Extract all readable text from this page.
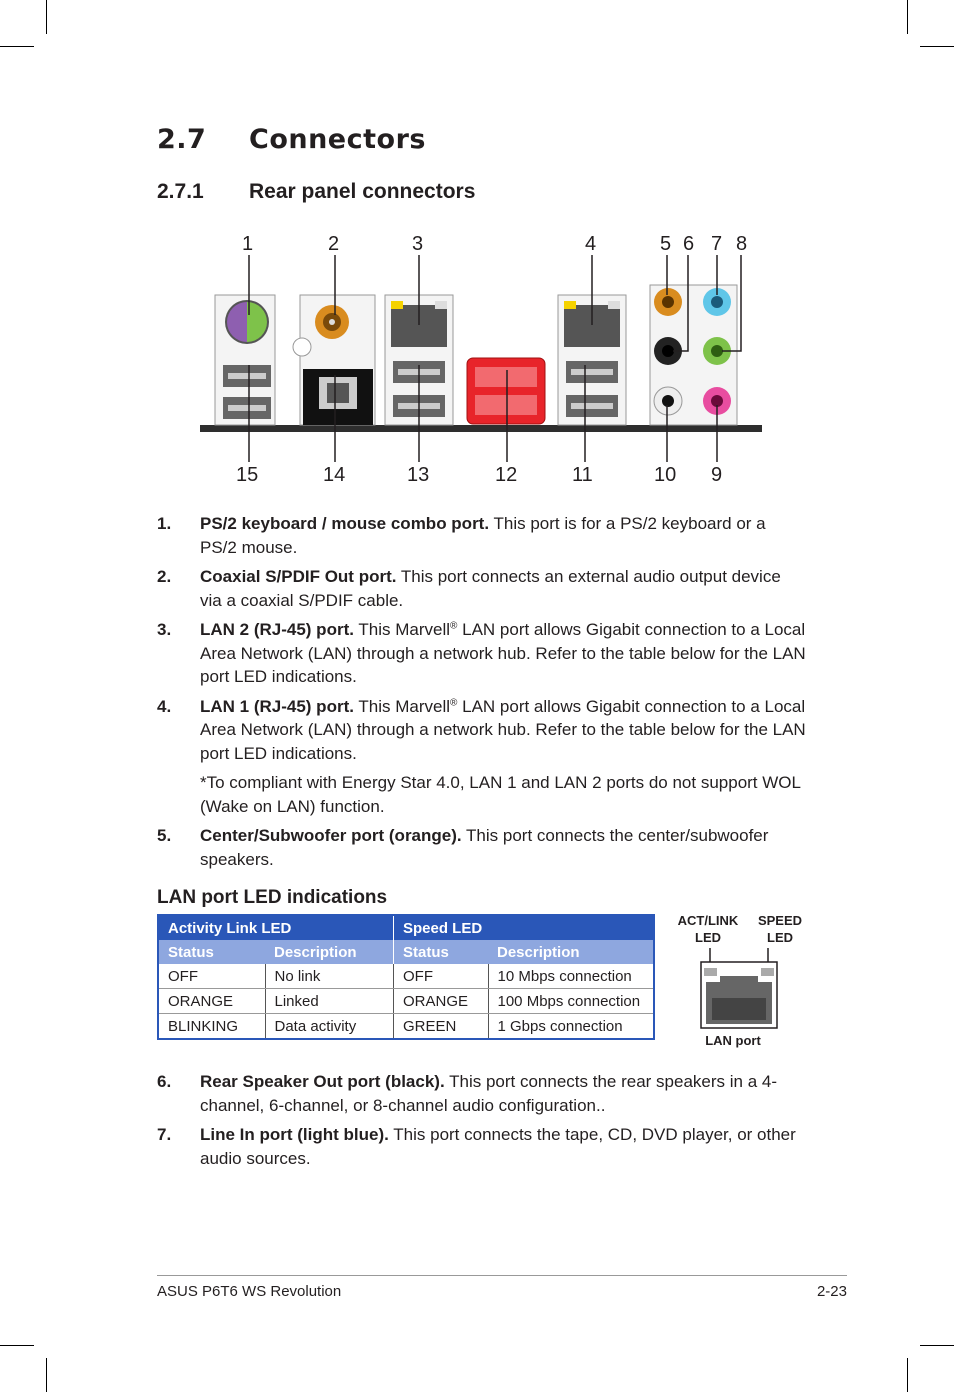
2.7 Connectors
2.7.1 Rear panel connectors
1	2	3	4	5 6 7 8
15	14	13	12	11	10 9
1. PS/2 keyboard / mouse combo port. This port is for a PS/2 keyboard or a PS/2 mouse.
2. Coaxial S/PDIF Out port. This port connects an external audio output device via a coaxial S/PDIF cable.
3. LAN 2 (RJ-45) port. This Marvell® LAN port allows Gigabit connection to a Local Area Network (LAN) through a network hub. Refer to the table below for the LAN port LED indications.
4. LAN 1 (RJ-45) port. This Marvell® LAN port allows Gigabit connection to a Local Area Network (LAN) through a network hub. Refer to the table below for the LAN port LED indications.
*To compliant with Energy Star 4.0, LAN 1 and LAN 2 ports do not support WOL (Wake on LAN) function.
5. Center/Subwoofer port (orange). This port connects the center/subwoofer speakers.
LAN port LED indications
Activity Link LED		Speed LED	
Status	Description	Status	Description
OFF	No link	OFF	10 Mbps connection
ORANGE	Linked	ORANGE	100 Mbps connection
BLINKING	Data activity	GREEN	1 Gbps connection
ACT/LINK
LED
SPEED
LED
LAN port
6. Rear Speaker Out port (black). This port connects the rear speakers in a 4-channel, 6-channel, or 8-channel audio configuration..
7. Line In port (light blue). This port connects the tape, CD, DVD player, or other audio sources.
ASUS P6T6 WS Revolution	2-23
